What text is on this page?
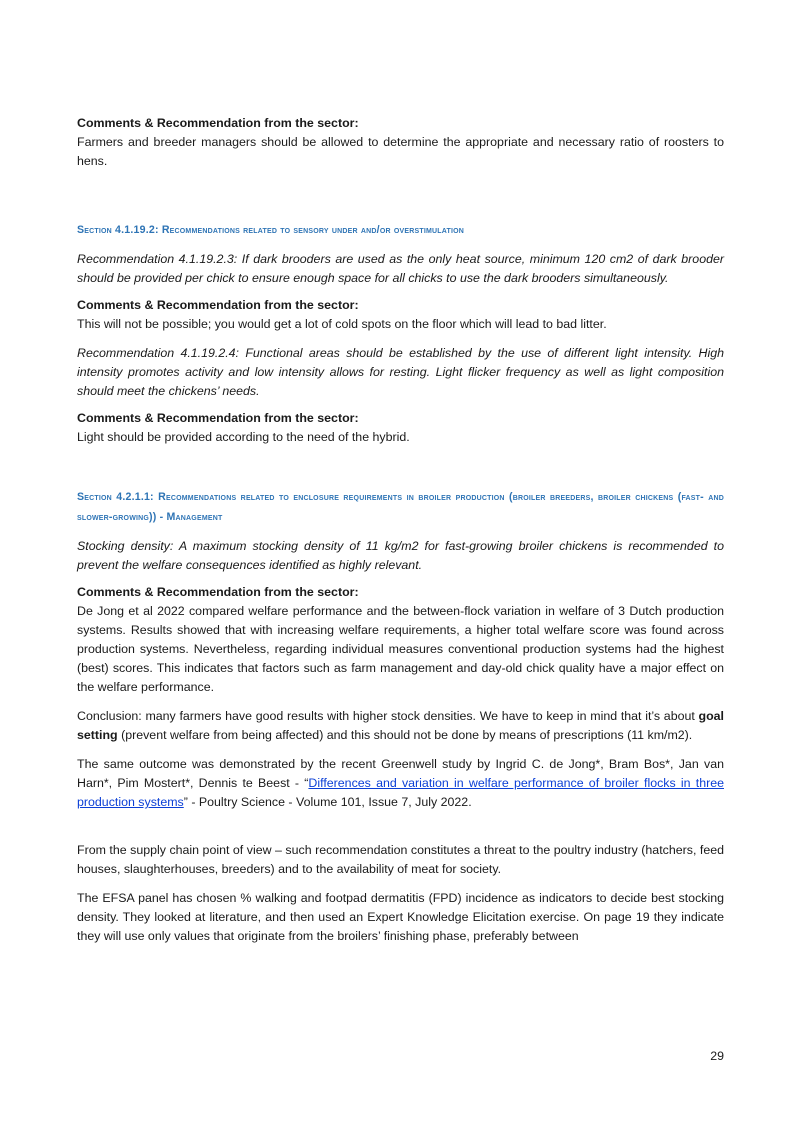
Comments & Recommendation from the sector:

Farmers and breeder managers should be allowed to determine the appropriate and necessary ratio of roosters to hens.

Section 4.1.19.2: Recommendations related to sensory under and/or overstimulation

Recommendation 4.1.19.2.3: If dark brooders are used as the only heat source, minimum 120 cm2 of dark brooder should be provided per chick to ensure enough space for all chicks to use the dark brooders simultaneously.

Comments & Recommendation from the sector:

This will not be possible; you would get a lot of cold spots on the floor which will lead to bad litter.

Recommendation 4.1.19.2.4: Functional areas should be established by the use of different light intensity. High intensity promotes activity and low intensity allows for resting. Light flicker frequency as well as light composition should meet the chickens’ needs.

Comments & Recommendation from the sector:

Light should be provided according to the need of the hybrid.

Section 4.2.1.1: Recommendations related to enclosure requirements in broiler production (broiler breeders, broiler chickens (fast- and slower-growing)) - Management

Stocking density: A maximum stocking density of 11 kg/m2 for fast-growing broiler chickens is recommended to prevent the welfare consequences identified as highly relevant.

Comments & Recommendation from the sector:

De Jong et al 2022 compared welfare performance and the between-flock variation in welfare of 3 Dutch production systems. Results showed that with increasing welfare requirements, a higher total welfare score was found across production systems. Nevertheless, regarding individual measures conventional production systems had the highest (best) scores. This indicates that factors such as farm management and day-old chick quality have a major effect on the welfare performance.

Conclusion: many farmers have good results with higher stock densities. We have to keep in mind that it’s about goal setting (prevent welfare from being affected) and this should not be done by means of prescriptions (11 km/m2).

The same outcome was demonstrated by the recent Greenwell study by Ingrid C. de Jong*, Bram Bos*, Jan van Harn*, Pim Mostert*, Dennis te Beest - “Differences and variation in welfare performance of broiler flocks in three production systems” - Poultry Science - Volume 101, Issue 7, July 2022.

From the supply chain point of view – such recommendation constitutes a threat to the poultry industry (hatchers, feed houses, slaughterhouses, breeders) and to the availability of meat for society.

The EFSA panel has chosen % walking and footpad dermatitis (FPD) incidence as indicators to decide best stocking density. They looked at literature, and then used an Expert Knowledge Elicitation exercise. On page 19 they indicate they will use only values that originate from the broilers’ finishing phase, preferably between

29
